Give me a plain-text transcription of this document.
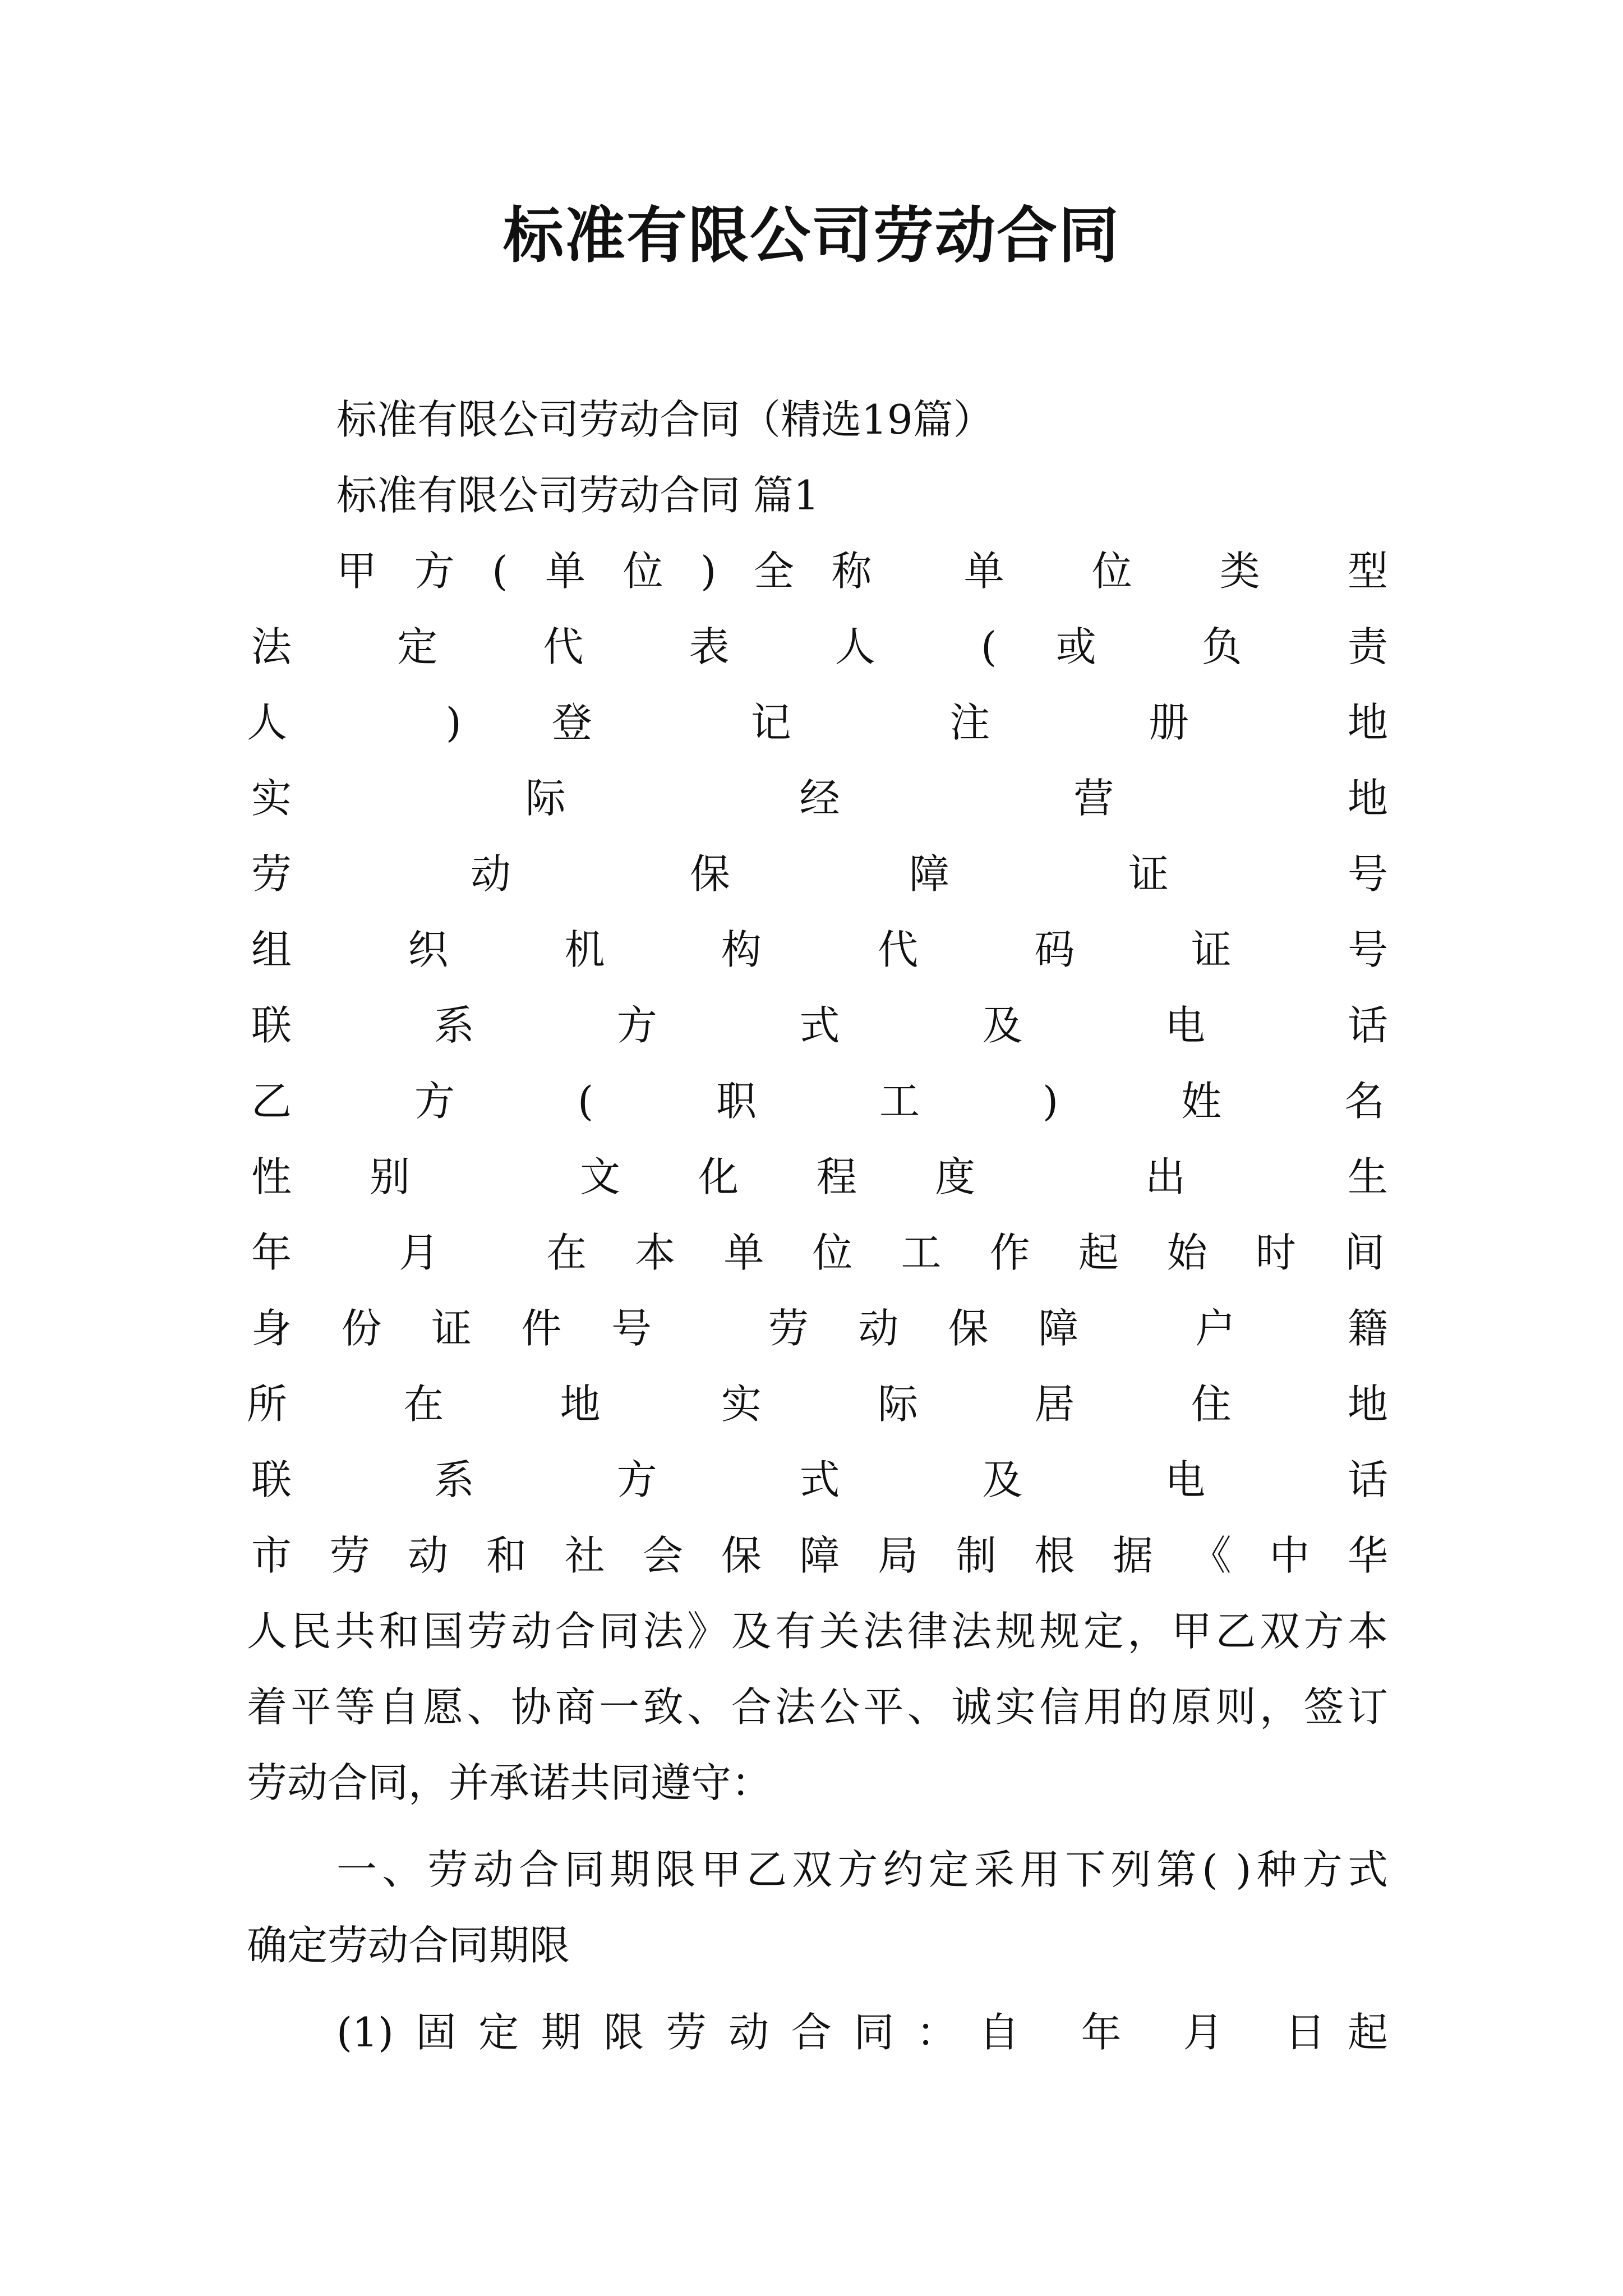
标准有限公司劳动合同
标准有限公司劳动合同（精选19篇）
标准有限公司劳动合同 篇1
甲方(单位)全称 单 位 类 型
法 定 代 表 人 ( 或 负 责
人 ) 登 记 注 册 地
实 际 经 营 地
劳 动 保 障 证 号
组 织 机 构 代 码 证 号
联 系 方 式 及 电 话
乙方(职工)姓名
性别 文化程度 出 生
年 月 在本单位工作起始时间
身份证件号 劳动保障 户 籍
所 在 地 实 际 居 住 地
联 系 方 式 及 电 话
市劳动和社会保障局制根据《中华
人民共和国劳动合同法》及有关法律法规规定，甲乙双方本
着平等自愿、协商一致、合法公平、诚实信用的原则，签订
劳动合同，并承诺共同遵守：
一、劳动合同期限甲乙双方约定采用下列第( )种方式
确定劳动合同期限
(1)固定期限劳动合同：自 年 月 日起
